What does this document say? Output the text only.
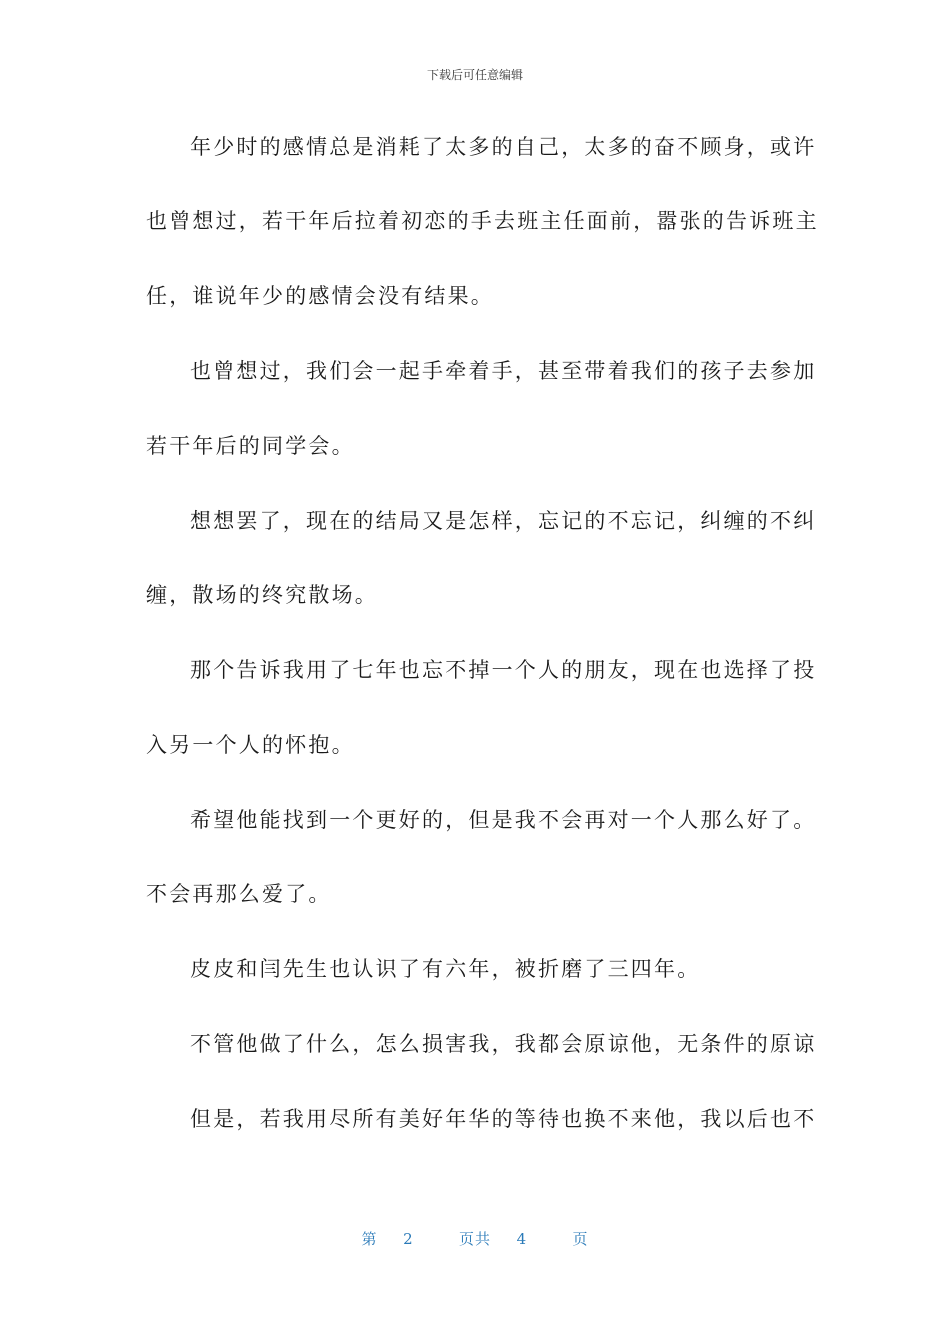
下载后可任意编辑
年少时的感情总是消耗了太多的自己，太多的奋不顾身，或许
也曾想过，若干年后拉着初恋的手去班主任面前，嚣张的告诉班主
任，谁说年少的感情会没有结果。
也曾想过，我们会一起手牵着手，甚至带着我们的孩子去参加
若干年后的同学会。
想想罢了，现在的结局又是怎样，忘记的不忘记，纠缠的不纠
缠，散场的终究散场。
那个告诉我用了七年也忘不掉一个人的朋友，现在也选择了投
入另一个人的怀抱。
希望他能找到一个更好的，但是我不会再对一个人那么好了。
不会再那么爱了。
皮皮和闫先生也认识了有六年，被折磨了三四年。
不管他做了什么，怎么损害我，我都会原谅他，无条件的原谅
但是，若我用尽所有美好年华的等待也换不来他，我以后也不
第 2	页共 4	页
